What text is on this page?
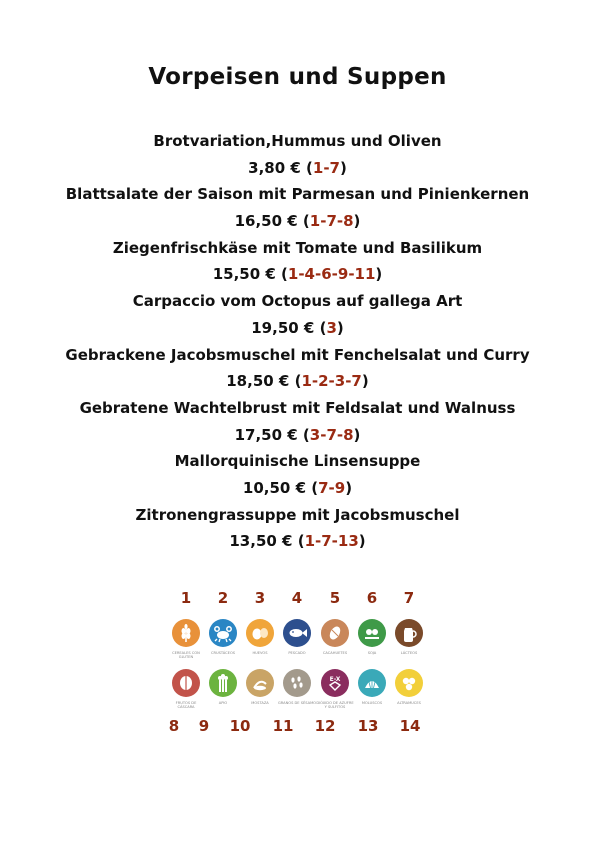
Vorpeisen und Suppen
Brotvariation,Hummus und Oliven
3,80 € (1-7)
Blattsalate der Saison mit Parmesan und Pinienkernen
16,50 € (1-7-8)
Ziegenfrischkäse mit Tomate und Basilikum
15,50 € (1-4-6-9-11)
Carpaccio vom Octopus auf gallega Art
19,50 € (3)
Gebrackene Jacobsmuschel mit Fenchelsalat und Curry
18,50 € (1-2-3-7)
Gebratene Wachtelbrust mit Feldsalat und Walnuss
17,50 € (3-7-8)
Mallorquinische Linsensuppe
10,50 € (7-9)
Zitronengrassuppe mit Jacobsmuschel
13,50 € (1-7-13)
CEREALES CON GLUTEN
1
CRUSTÁCEOS
2
HUEVOS
3
PESCADO
4
CACAHUETES
5
SOJA
6
LÁCTEOS
7
FRUTOS DE CÁSCARA
8
APIO
9
MOSTAZA
10
GRANOS DE SÉSAMO
11
E-X
DIÓXIDO DE AZUFRE Y SULFITOS
12
MOLUSCOS
13
ALTRAMUCES
14
